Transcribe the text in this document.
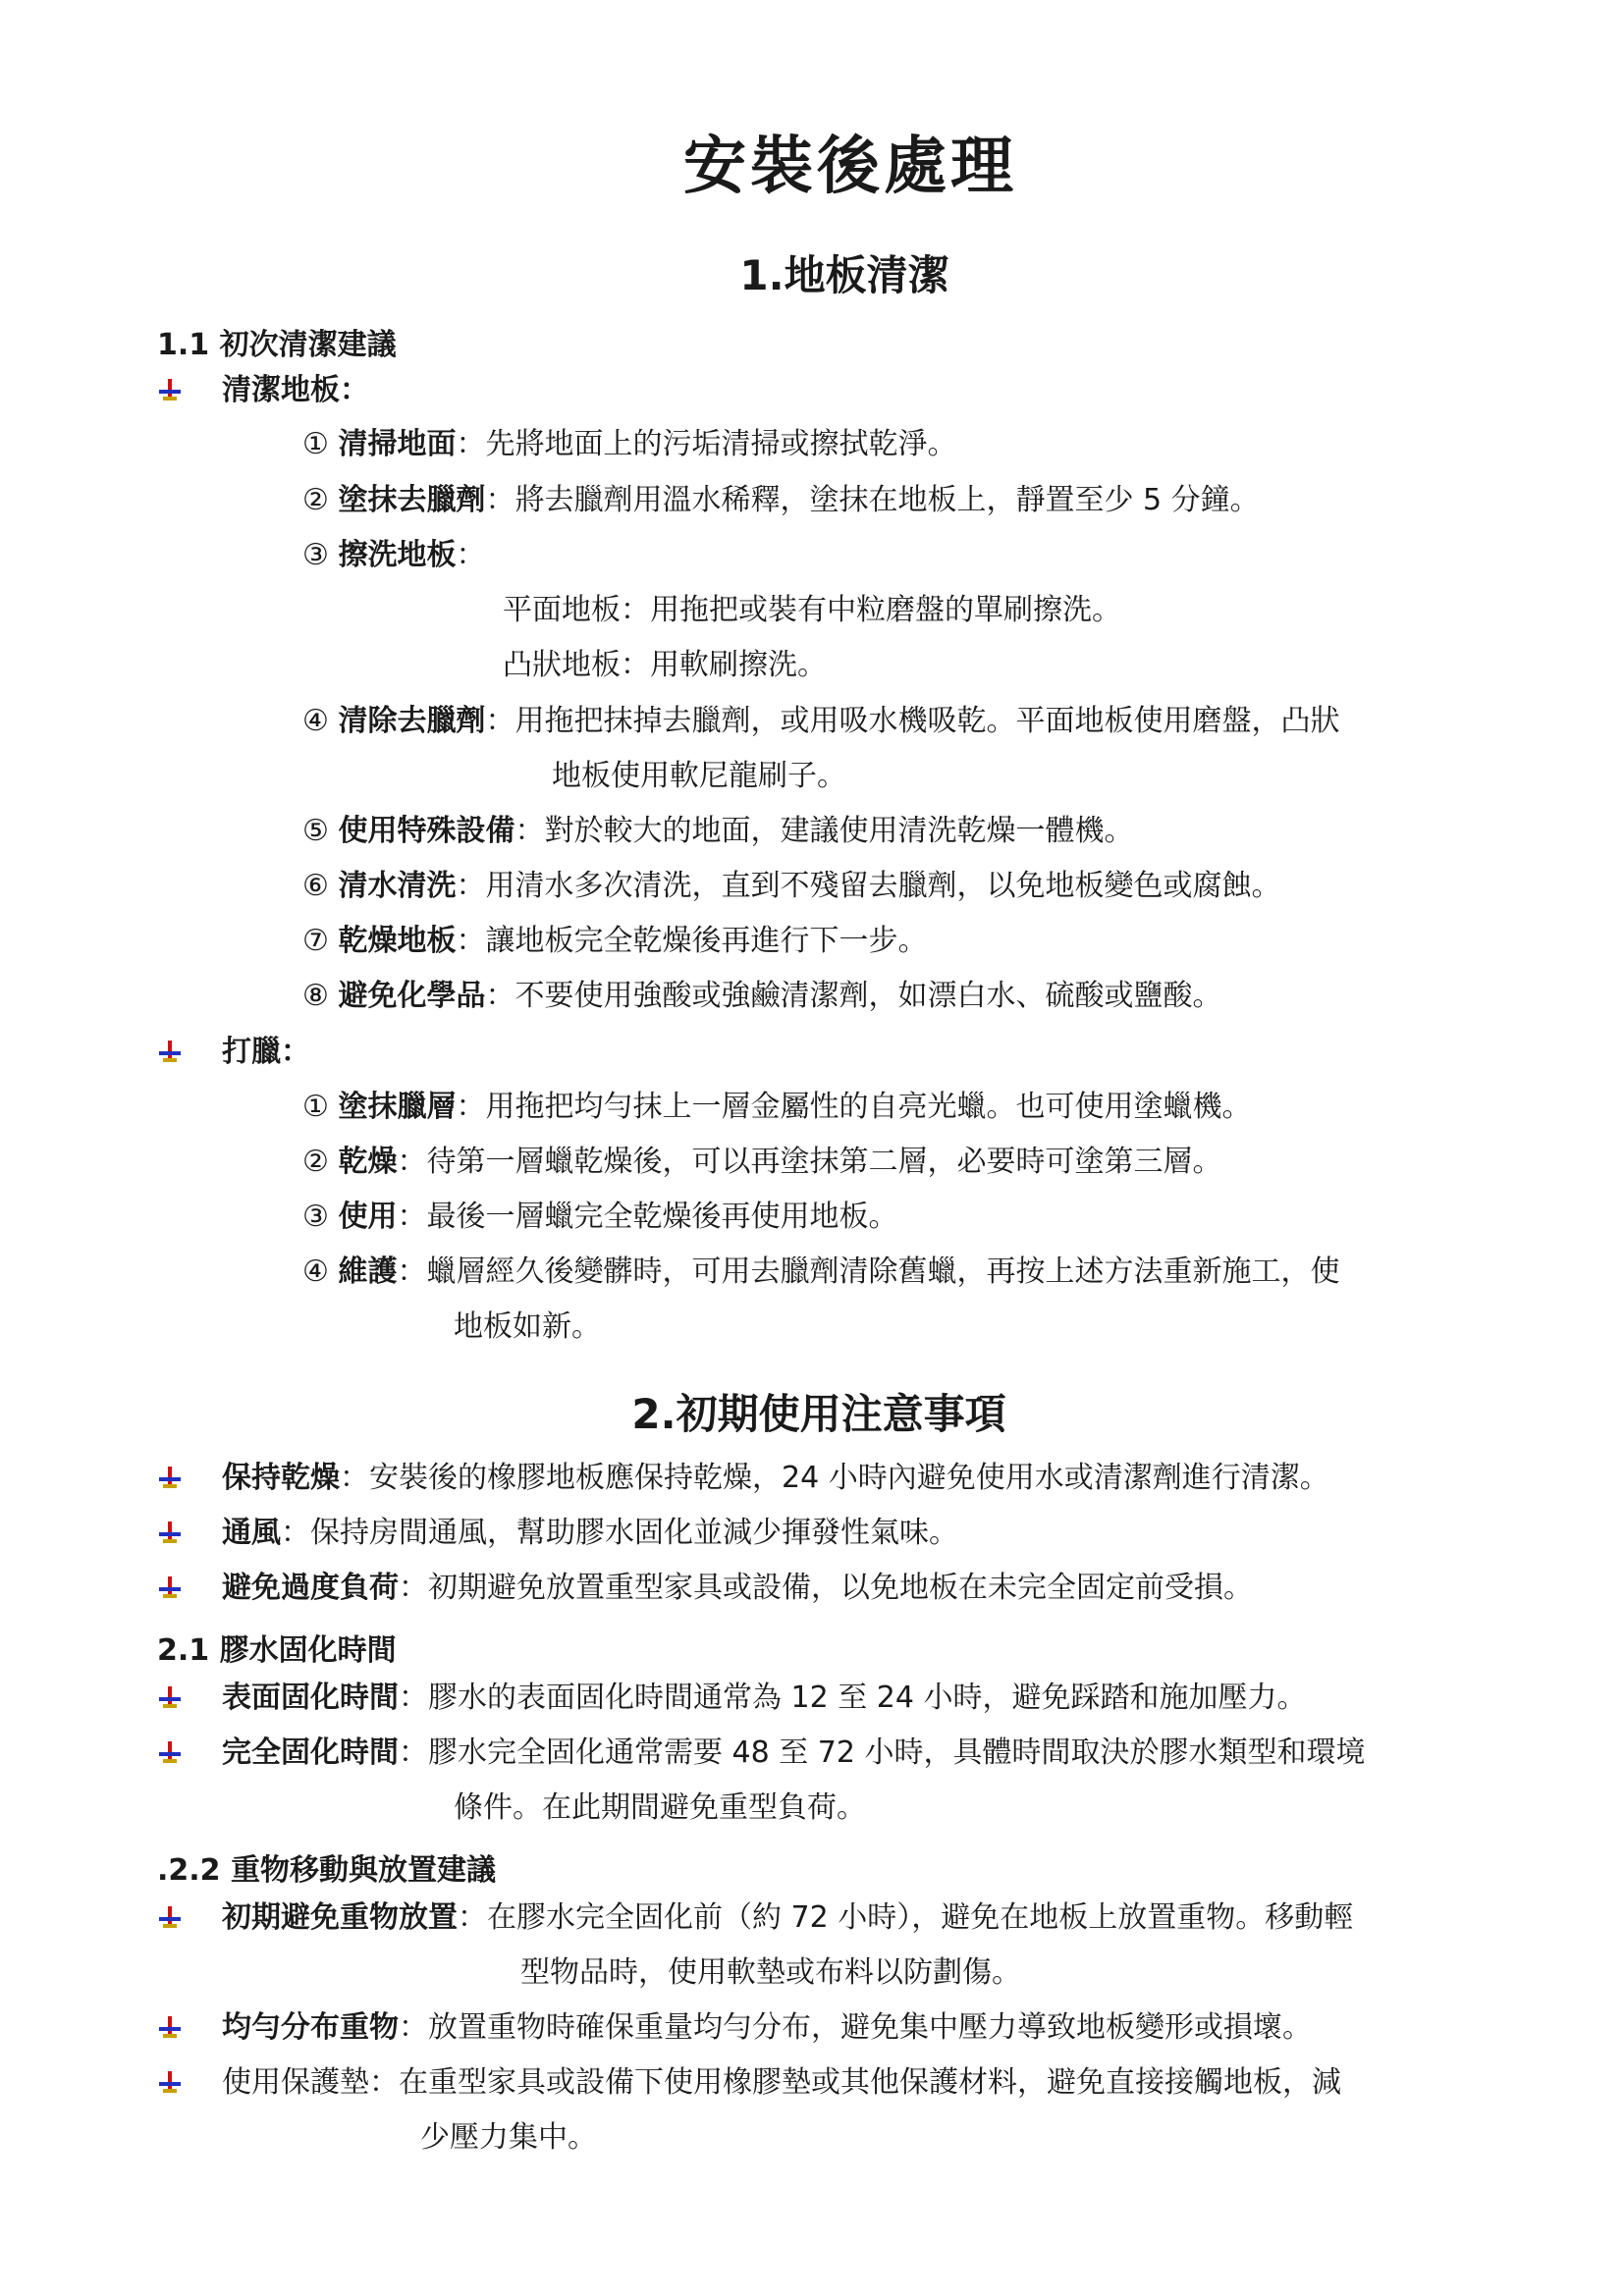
安裝後處理
1.地板清潔
1.1 初次清潔建議
清潔地板：
① 清掃地面：先將地面上的污垢清掃或擦拭乾淨。
② 塗抹去臘劑：將去臘劑用溫水稀釋，塗抹在地板上，靜置至少 5 分鐘。
③ 擦洗地板：
平面地板：用拖把或裝有中粒磨盤的單刷擦洗。
凸狀地板：用軟刷擦洗。
④ 清除去臘劑：用拖把抹掉去臘劑，或用吸水機吸乾。平面地板使用磨盤，凸狀
地板使用軟尼龍刷子。
⑤ 使用特殊設備：對於較大的地面，建議使用清洗乾燥一體機。
⑥ 清水清洗：用清水多次清洗，直到不殘留去臘劑，以免地板變色或腐蝕。
⑦ 乾燥地板：讓地板完全乾燥後再進行下一步。
⑧ 避免化學品：不要使用強酸或強鹼清潔劑，如漂白水、硫酸或鹽酸。
打臘：
① 塗抹臘層：用拖把均勻抹上一層金屬性的自亮光蠟。也可使用塗蠟機。
② 乾燥：待第一層蠟乾燥後，可以再塗抹第二層，必要時可塗第三層。
③ 使用：最後一層蠟完全乾燥後再使用地板。
④ 維護：蠟層經久後變髒時，可用去臘劑清除舊蠟，再按上述方法重新施工，使
地板如新。
2.初期使用注意事項
保持乾燥：安裝後的橡膠地板應保持乾燥，24 小時內避免使用水或清潔劑進行清潔。
通風：保持房間通風，幫助膠水固化並減少揮發性氣味。
避免過度負荷：初期避免放置重型家具或設備，以免地板在未完全固定前受損。
2.1 膠水固化時間
表面固化時間：膠水的表面固化時間通常為 12 至 24 小時，避免踩踏和施加壓力。
完全固化時間：膠水完全固化通常需要 48 至 72 小時，具體時間取決於膠水類型和環境
條件。在此期間避免重型負荷。
.2.2 重物移動與放置建議
初期避免重物放置：在膠水完全固化前（約 72 小時），避免在地板上放置重物。移動輕
型物品時，使用軟墊或布料以防劃傷。
均勻分布重物：放置重物時確保重量均勻分布，避免集中壓力導致地板變形或損壞。
使用保護墊：在重型家具或設備下使用橡膠墊或其他保護材料，避免直接接觸地板，減
少壓力集中。
